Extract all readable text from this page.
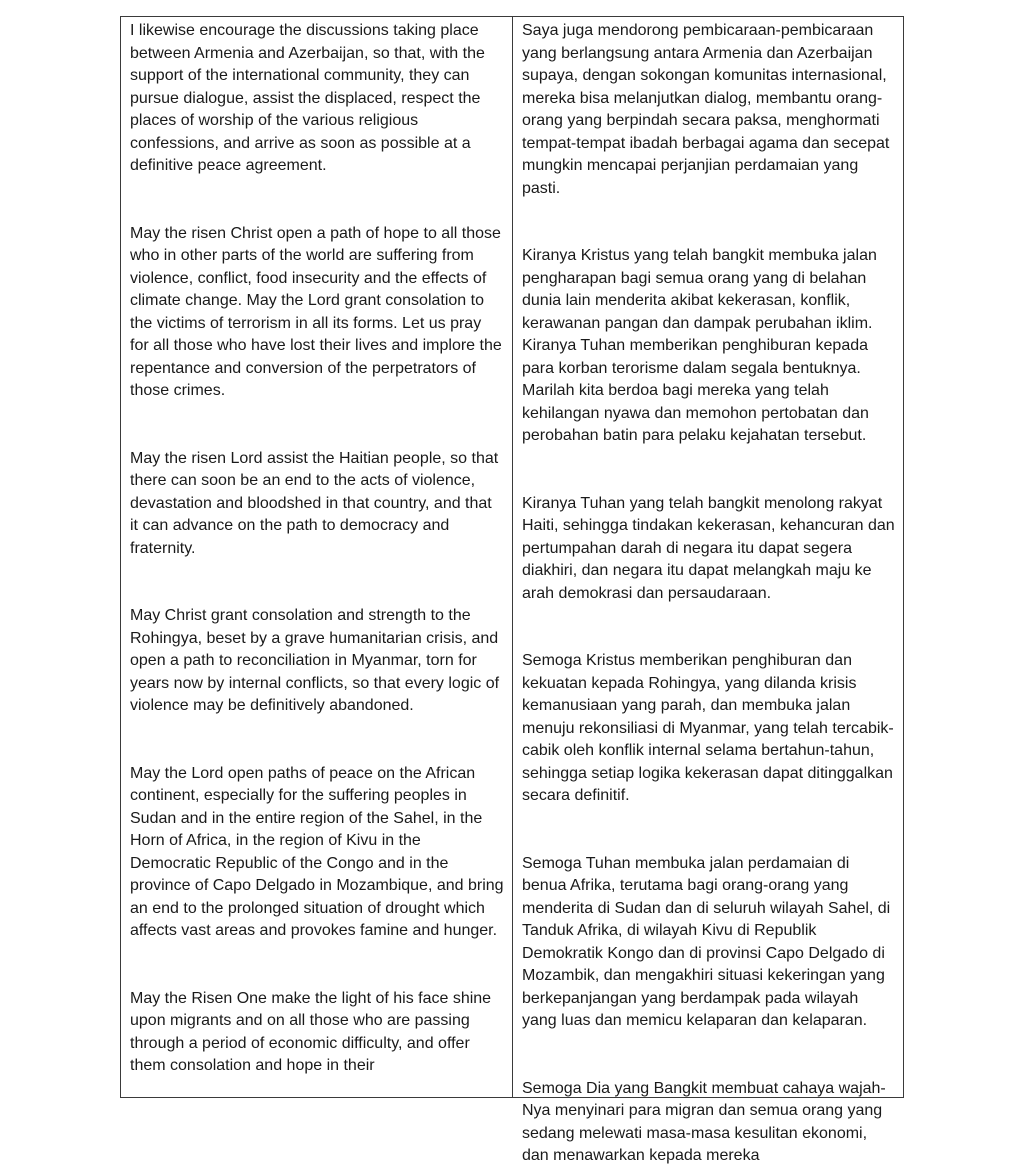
I likewise encourage the discussions taking place between Armenia and Azerbaijan, so that, with the support of the international community, they can pursue dialogue, assist the displaced, respect the places of worship of the various religious confessions, and arrive as soon as possible at a definitive peace agreement.

May the risen Christ open a path of hope to all those who in other parts of the world are suffering from violence, conflict, food insecurity and the effects of climate change. May the Lord grant consolation to the victims of terrorism in all its forms. Let us pray for all those who have lost their lives and implore the repentance and conversion of the perpetrators of those crimes.

May the risen Lord assist the Haitian people, so that there can soon be an end to the acts of violence, devastation and bloodshed in that country, and that it can advance on the path to democracy and fraternity.

May Christ grant consolation and strength to the Rohingya, beset by a grave humanitarian crisis, and open a path to reconciliation in Myanmar, torn for years now by internal conflicts, so that every logic of violence may be definitively abandoned.

May the Lord open paths of peace on the African continent, especially for the suffering peoples in Sudan and in the entire region of the Sahel, in the Horn of Africa, in the region of Kivu in the Democratic Republic of the Congo and in the province of Capo Delgado in Mozambique, and bring an end to the prolonged situation of drought which affects vast areas and provokes famine and hunger.

May the Risen One make the light of his face shine upon migrants and on all those who are passing through a period of economic difficulty, and offer them consolation and hope in their

Saya juga mendorong pembicaraan-pembicaraan yang berlangsung antara Armenia dan Azerbaijan supaya, dengan sokongan komunitas internasional, mereka bisa melanjutkan dialog, membantu orang-orang yang berpindah secara paksa, menghormati tempat-tempat ibadah berbagai agama dan secepat mungkin mencapai perjanjian perdamaian yang pasti.

Kiranya Kristus yang telah bangkit membuka jalan pengharapan bagi semua orang yang di belahan dunia lain menderita akibat kekerasan, konflik, kerawanan pangan dan dampak perubahan iklim. Kiranya Tuhan memberikan penghiburan kepada para korban terorisme dalam segala bentuknya. Marilah kita berdoa bagi mereka yang telah kehilangan nyawa dan memohon pertobatan dan perobahan batin para pelaku kejahatan tersebut.

Kiranya Tuhan yang telah bangkit menolong rakyat Haiti, sehingga tindakan kekerasan, kehancuran dan pertumpahan darah di negara itu dapat segera diakhiri, dan negara itu dapat melangkah maju ke arah demokrasi dan persaudaraan.

Semoga Kristus memberikan penghiburan dan kekuatan kepada Rohingya, yang dilanda krisis kemanusiaan yang parah, dan membuka jalan menuju rekonsiliasi di Myanmar, yang telah tercabik-cabik oleh konflik internal selama bertahun-tahun, sehingga setiap logika kekerasan dapat ditinggalkan secara definitif.

Semoga Tuhan membuka jalan perdamaian di benua Afrika, terutama bagi orang-orang yang menderita di Sudan dan di seluruh wilayah Sahel, di Tanduk Afrika, di wilayah Kivu di Republik Demokratik Kongo dan di provinsi Capo Delgado di Mozambik, dan mengakhiri situasi kekeringan yang berkepanjangan yang berdampak pada wilayah yang luas dan memicu kelaparan dan kelaparan.

Semoga Dia yang Bangkit membuat cahaya wajah-Nya menyinari para migran dan semua orang yang sedang melewati masa-masa kesulitan ekonomi, dan menawarkan kepada mereka
